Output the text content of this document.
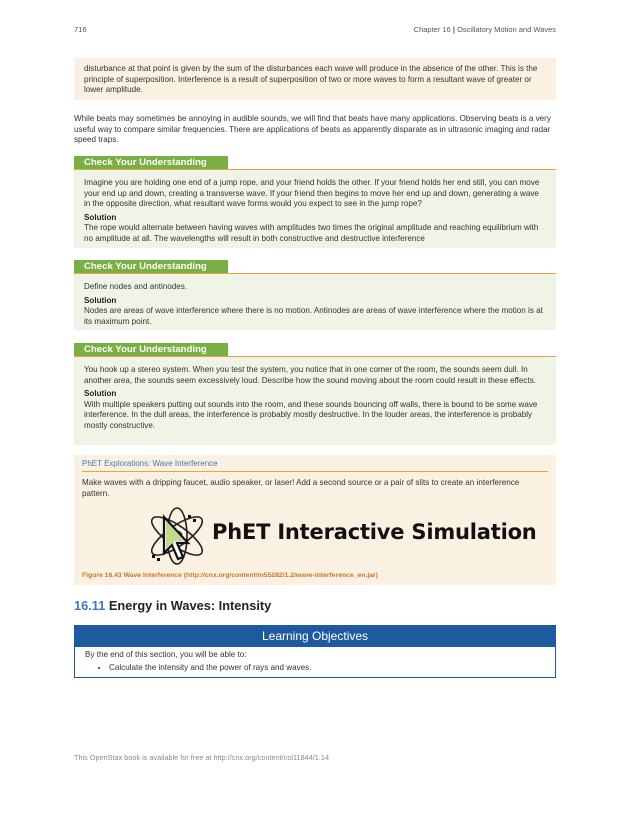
716	Chapter 16 | Oscillatory Motion and Waves

disturbance at that point is given by the sum of the disturbances each wave will produce in the absence of the other. This is the principle of superposition. Interference is a result of superposition of two or more waves to form a resultant wave of greater or lower amplitude.

While beats may sometimes be annoying in audible sounds, we will find that beats have many applications. Observing beats is a very useful way to compare similar frequencies. There are applications of beats as apparently disparate as in ultrasonic imaging and radar speed traps.

Check Your Understanding

Imagine you are holding one end of a jump rope, and your friend holds the other. If your friend holds her end still, you can move your end up and down, creating a transverse wave. If your friend then begins to move her end up and down, generating a wave in the opposite direction, what resultant wave forms would you expect to see in the jump rope?

Solution

The rope would alternate between having waves with amplitudes two times the original amplitude and reaching equilibrium with no amplitude at all. The wavelengths will result in both constructive and destructive interference

Check Your Understanding

Define nodes and antinodes.

Solution

Nodes are areas of wave interference where there is no motion. Antinodes are areas of wave interference where the motion is at its maximum point.

Check Your Understanding

You hook up a stereo system. When you test the system, you notice that in one corner of the room, the sounds seem dull. In another area, the sounds seem excessively loud. Describe how the sound moving about the room could result in these effects.

Solution

With multiple speakers putting out sounds into the room, and these sounds bouncing off walls, there is bound to be some wave interference. In the dull areas, the interference is probably mostly destructive. In the louder areas, the interference is probably mostly constructive.

PhET Explorations: Wave Interference

Make waves with a dripping faucet, audio speaker, or laser! Add a second source or a pair of slits to create an interference pattern.

PhET Interactive Simulation
Figure 16.43 Wave Interference (http://cnx.org/content/m55282/1.2/wave-interference_en.jar)
16.11 Energy in Waves: Intensity
Learning Objectives

By the end of this section, you will be able to:

• Calculate the intensity and the power of rays and waves.
This OpenStax book is available for free at http://cnx.org/content/col11844/1.14
